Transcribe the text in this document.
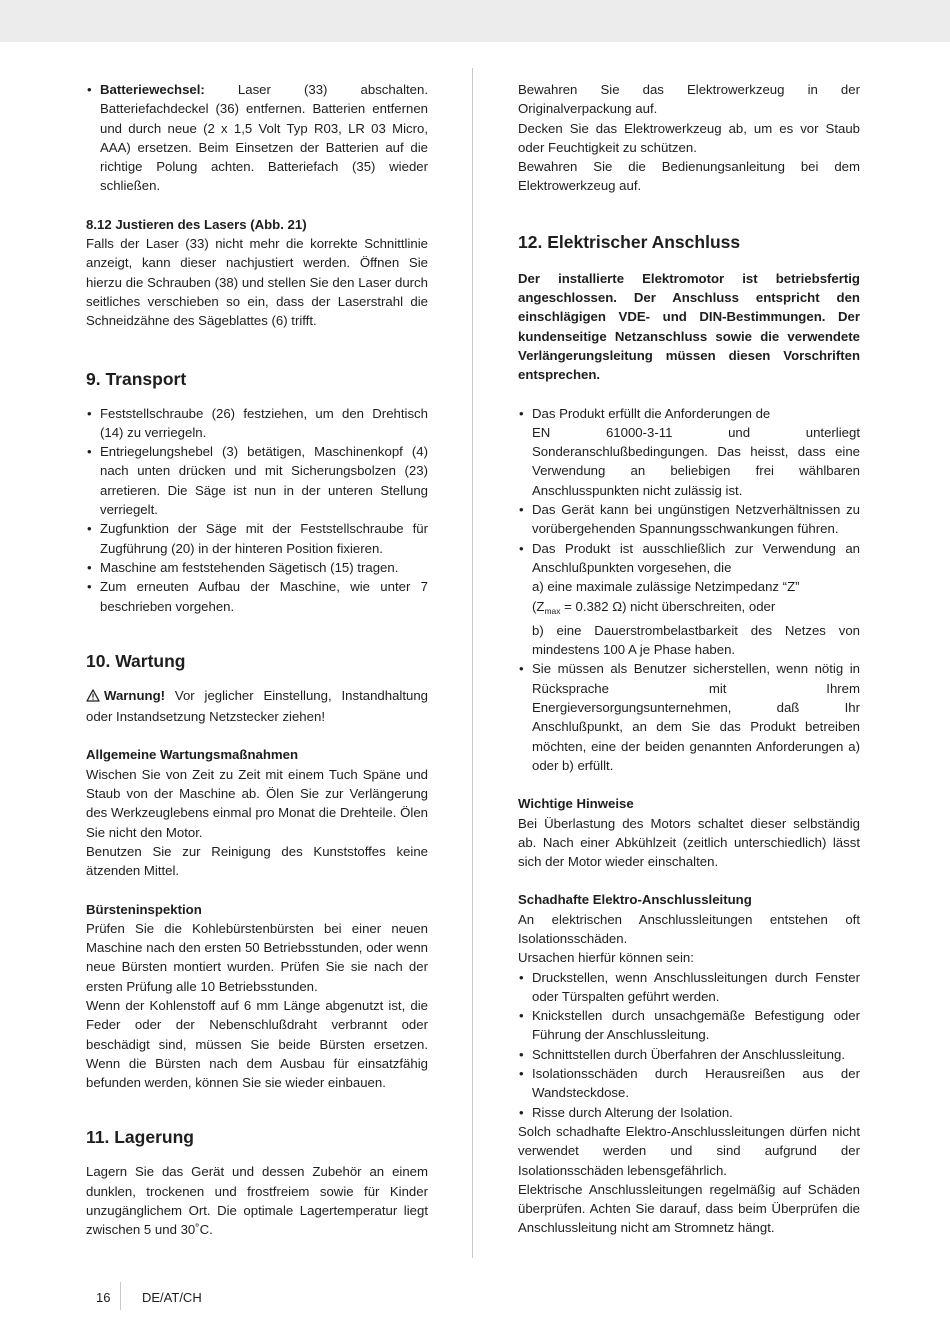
• Batteriewechsel: Laser (33) abschalten. Batteriefachdeckel (36) entfernen. Batterien entfernen und durch neue (2 x 1,5 Volt Typ R03, LR 03 Micro, AAA) ersetzen. Beim Einsetzen der Batterien auf die richtige Polung achten. Batteriefach (35) wieder schließen.
8.12 Justieren des Lasers (Abb. 21)

Falls der Laser (33) nicht mehr die korrekte Schnittlinie anzeigt, kann dieser nachjustiert werden. Öffnen Sie hierzu die Schrauben (38) und stellen Sie den Laser durch seitliches verschieben so ein, dass der Laserstrahl die Schneidzähne des Sägeblattes (6) trifft.

9. Transport
• Feststellschraube (26) festziehen, um den Drehtisch (14) zu verriegeln.
• Entriegelungshebel (3) betätigen, Maschinenkopf (4) nach unten drücken und mit Sicherungsbolzen (23) arretieren. Die Säge ist nun in der unteren Stellung verriegelt.
• Zugfunktion der Säge mit der Feststellschraube für Zugführung (20) in der hinteren Position fixieren.
• Maschine am feststehenden Sägetisch (15) tragen.
• Zum erneuten Aufbau der Maschine, wie unter 7 beschrieben vorgehen.
10. Wartung

Warnung! Vor jeglicher Einstellung, Instandhaltung oder Instandsetzung Netzstecker ziehen!

Allgemeine Wartungsmaßnahmen

Wischen Sie von Zeit zu Zeit mit einem Tuch Späne und Staub von der Maschine ab. Ölen Sie zur Verlängerung des Werkzeuglebens einmal pro Monat die Drehteile. Ölen Sie nicht den Motor.

Benutzen Sie zur Reinigung des Kunststoffes keine ätzenden Mittel.

Bürsteninspektion

Prüfen Sie die Kohlebürstenbürsten bei einer neuen Maschine nach den ersten 50 Betriebsstunden, oder wenn neue Bürsten montiert wurden. Prüfen Sie sie nach der ersten Prüfung alle 10 Betriebsstunden.

Wenn der Kohlenstoff auf 6 mm Länge abgenutzt ist, die Feder oder der Nebenschlußdraht verbrannt oder beschädigt sind, müssen Sie beide Bürsten ersetzen. Wenn die Bürsten nach dem Ausbau für einsatzfähig befunden werden, können Sie sie wieder einbauen.

11. Lagerung

Lagern Sie das Gerät und dessen Zubehör an einem dunklen, trockenen und frostfreiem sowie für Kinder unzugänglichem Ort. Die optimale Lagertemperatur liegt zwischen 5 und 30˚C.

Bewahren Sie das Elektrowerkzeug in der Originalverpackung auf.

Decken Sie das Elektrowerkzeug ab, um es vor Staub oder Feuchtigkeit zu schützen.

Bewahren Sie die Bedienungsanleitung bei dem Elektrowerkzeug auf.

12. Elektrischer Anschluss

Der installierte Elektromotor ist betriebsfertig angeschlossen. Der Anschluss entspricht den einschlägigen VDE- und DIN-Bestimmungen. Der kundenseitige Netzanschluss sowie die verwendete Verlängerungsleitung müssen diesen Vorschriften entsprechen.

• Das Produkt erfüllt die Anforderungen de
EN 61000-3-11 und unterliegt Sonderanschlußbedingungen. Das heisst, dass eine Verwendung an beliebigen frei wählbaren Anschlusspunkten nicht zulässig ist.
• Das Gerät kann bei ungünstigen Netzverhältnissen zu vorübergehenden Spannungsschwankungen führen.
• Das Produkt ist ausschließlich zur Verwendung an Anschlußpunkten vorgesehen, die
a) eine maximale zulässige Netzimpedanz “Z”
($Z_{max} = 0.382$ Ω) nicht überschreiten, oder
b) eine Dauerstrombelastbarkeit des Netzes von mindestens 100 A je Phase haben.
• Sie müssen als Benutzer sicherstellen, wenn nötig in Rücksprache mit Ihrem Energieversorgungsunternehmen, daß Ihr Anschlußpunkt, an dem Sie das Produkt betreiben möchten, eine der beiden genannten Anforderungen a) oder b) erfüllt.
Wichtige Hinweise

Bei Überlastung des Motors schaltet dieser selbständig ab. Nach einer Abkühlzeit (zeitlich unterschiedlich) lässt sich der Motor wieder einschalten.

Schadhafte Elektro-Anschlussleitung

An elektrischen Anschlussleitungen entstehen oft Isolationsschäden.

Ursachen hierfür können sein:

• Druckstellen, wenn Anschlussleitungen durch Fenster oder Türspalten geführt werden.
• Knickstellen durch unsachgemäße Befestigung oder Führung der Anschlussleitung.
• Schnittstellen durch Überfahren der Anschlussleitung.
• Isolationsschäden durch Herausreißen aus der Wandsteckdose.
• Risse durch Alterung der Isolation.

Solch schadhafte Elektro-Anschlussleitungen dürfen nicht verwendet werden und sind aufgrund der Isolationsschäden lebensgefährlich.

Elektrische Anschlussleitungen regelmäßig auf Schäden überprüfen. Achten Sie darauf, dass beim Überprüfen die Anschlussleitung nicht am Stromnetz hängt.

16 DE/AT/CH
